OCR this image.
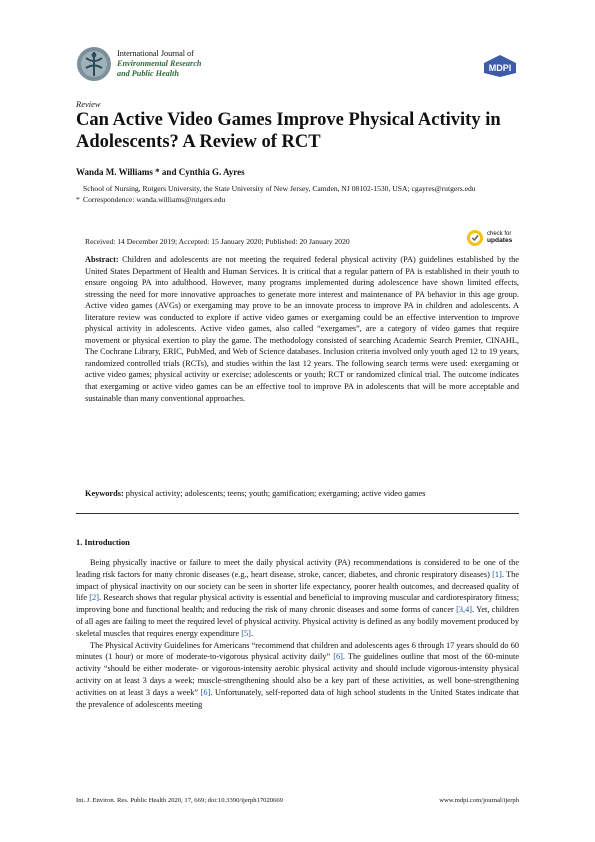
International Journal of
Environmental Research
and Public Health
MDPI
Review
Can Active Video Games Improve Physical Activity in Adolescents? A Review of RCT
Wanda M. Williams * and Cynthia G. Ayres
School of Nursing, Rutgers University, the State University of New Jersey, Camden, NJ 08102-1530, USA; cgayres@rutgers.edu
* Correspondence: wanda.williams@rutgers.edu
Received: 14 December 2019; Accepted: 15 January 2020; Published: 20 January 2020
check for
updates
Abstract: Children and adolescents are not meeting the required federal physical activity (PA) guidelines established by the United States Department of Health and Human Services. It is critical that a regular pattern of PA is established in their youth to ensure ongoing PA into adulthood. However, many programs implemented during adolescence have shown limited effects, stressing the need for more innovative approaches to generate more interest and maintenance of PA behavior in this age group. Active video games (AVGs) or exergaming may prove to be an innovate process to improve PA in children and adolescents. A literature review was conducted to explore if active video games or exergaming could be an effective intervention to improve physical activity in adolescents. Active video games, also called “exergames”, are a category of video games that require movement or physical exertion to play the game. The methodology consisted of searching Academic Search Premier, CINAHL, The Cochrane Library, ERIC, PubMed, and Web of Science databases. Inclusion criteria involved only youth aged 12 to 19 years, randomized controlled trials (RCTs), and studies within the last 12 years. The following search terms were used: exergaming or active video games; physical activity or exercise; adolescents or youth; RCT or randomized clinical trial. The outcome indicates that exergaming or active video games can be an effective tool to improve PA in adolescents that will be more acceptable and sustainable than many conventional approaches.
Keywords: physical activity; adolescents; teens; youth; gamification; exergaming; active video games
1. Introduction

Being physically inactive or failure to meet the daily physical activity (PA) recommendations is considered to be one of the leading risk factors for many chronic diseases (e.g., heart disease, stroke, cancer, diabetes, and chronic respiratory diseases) [1]. The impact of physical inactivity on our society can be seen in shorter life expectancy, poorer health outcomes, and decreased quality of life [2]. Research shows that regular physical activity is essential and beneficial to improving muscular and cardiorespiratory fitness; improving bone and functional health; and reducing the risk of many chronic diseases and some forms of cancer [3,4]. Yet, children of all ages are failing to meet the required level of physical activity. Physical activity is defined as any bodily movement produced by skeletal muscles that requires energy expenditure [5].

The Physical Activity Guidelines for Americans “recommend that children and adolescents ages 6 through 17 years should do 60 minutes (1 hour) or more of moderate-to-vigorous physical activity daily” [6]. The guidelines outline that most of the 60-minute activity “should be either moderate- or vigorous-intensity aerobic physical activity and should include vigorous-intensity physical activity on at least 3 days a week; muscle-strengthening should also be a key part of these activities, as well bone-strengthening activities on at least 3 days a week” [6]. Unfortunately, self-reported data of high school students in the United States indicate that the prevalence of adolescents meeting

Int. J. Environ. Res. Public Health 2020, 17, 669; doi:10.3390/ijerph17020669	www.mdpi.com/journal/ijerph
